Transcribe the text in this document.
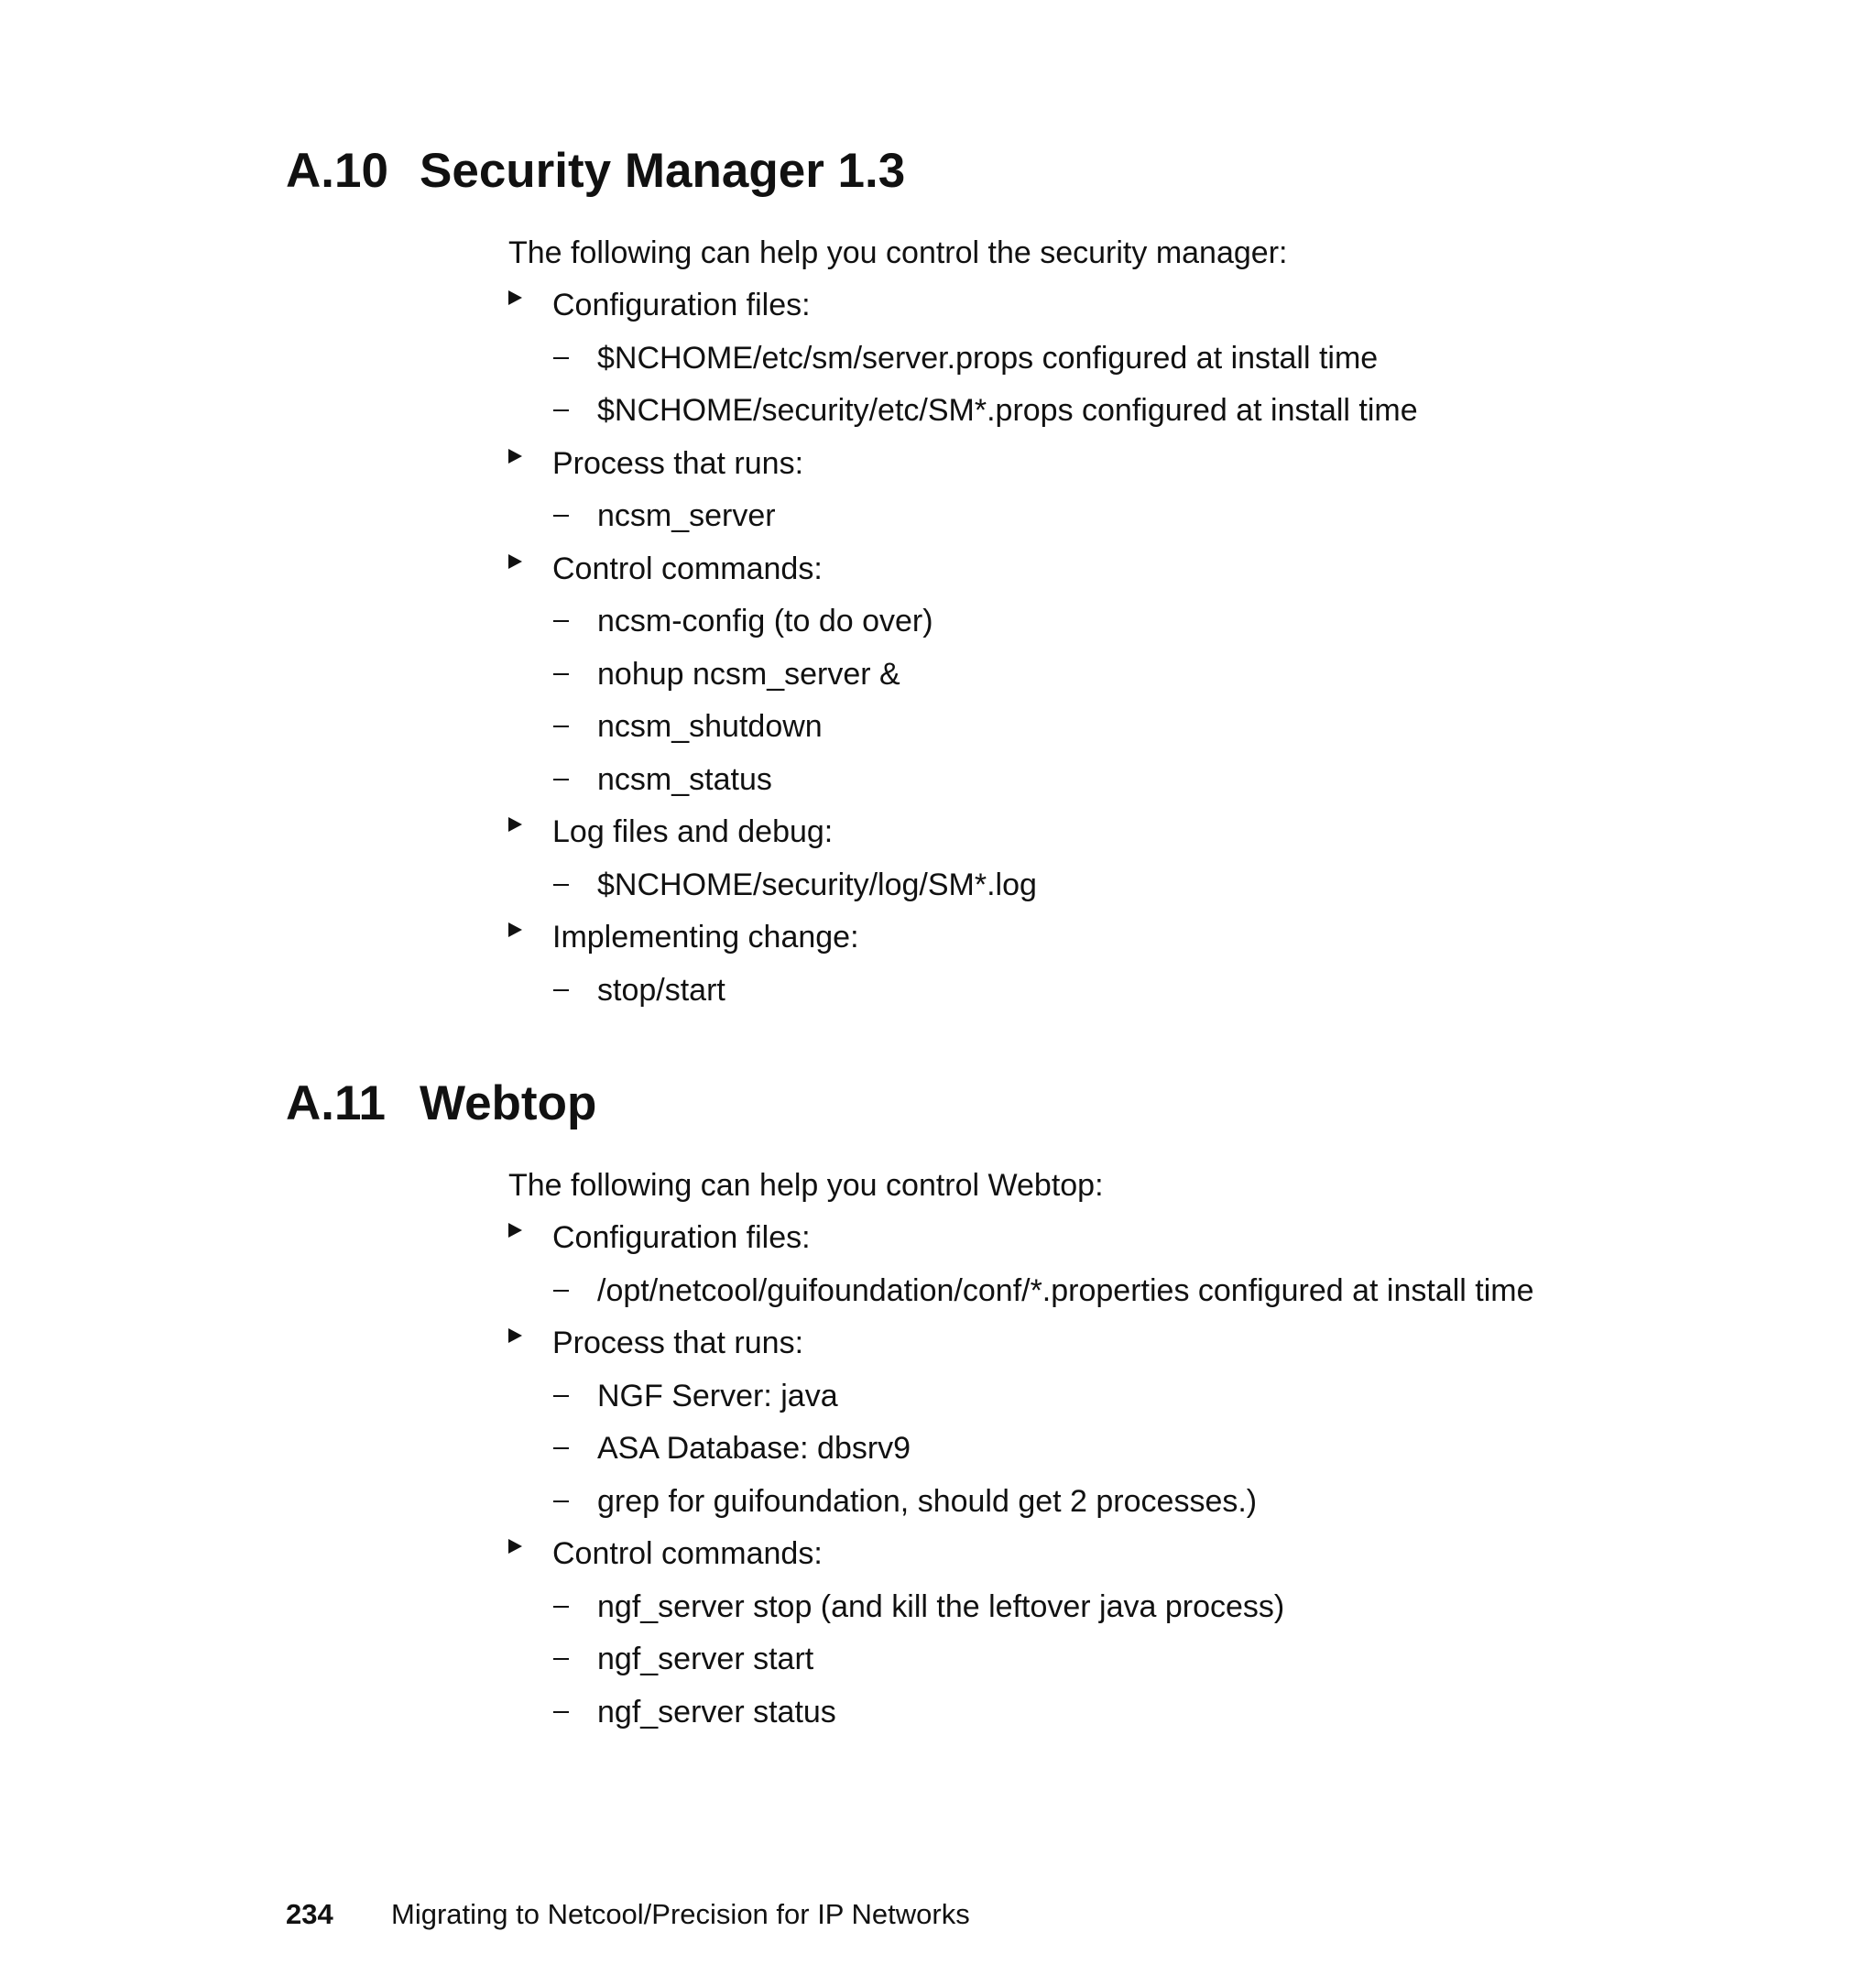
A.10 Security Manager 1.3

The following can help you control the security manager:

Configuration files:
$NCHOME/etc/sm/server.props configured at install time
$NCHOME/security/etc/SM*.props configured at install time
Process that runs:
ncsm_server
Control commands:
ncsm-config (to do over)
nohup ncsm_server &
ncsm_shutdown
ncsm_status
Log files and debug:
$NCHOME/security/log/SM*.log
Implementing change:
stop/start
A.11 Webtop

The following can help you control Webtop:

Configuration files:
/opt/netcool/guifoundation/conf/*.properties configured at install time
Process that runs:
NGF Server: java
ASA Database: dbsrv9
grep for guifoundation, should get 2 processes.)
Control commands:
ngf_server stop (and kill the leftover java process)
ngf_server start
ngf_server status
234 Migrating to Netcool/Precision for IP Networks
